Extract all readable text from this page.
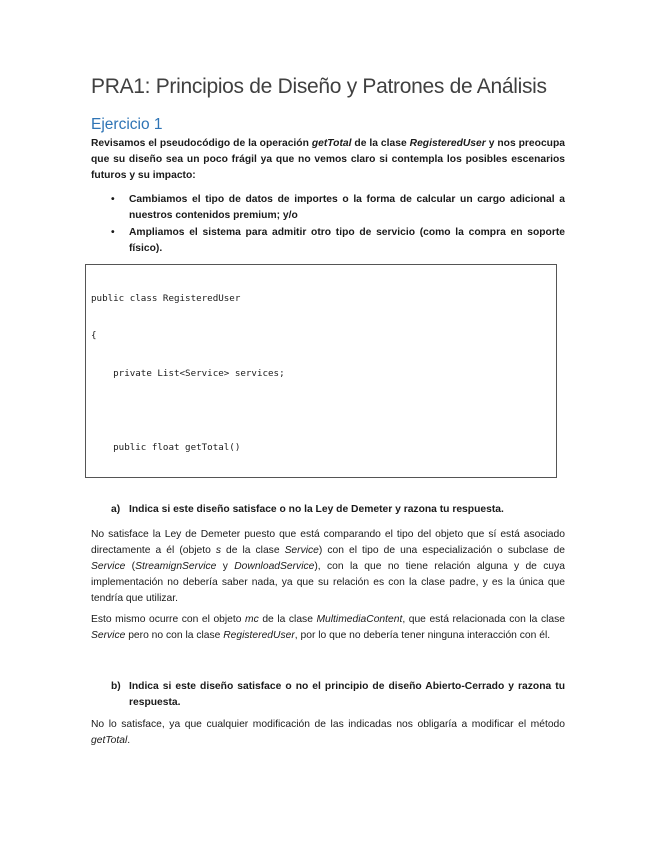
PRA1: Principios de Diseño y Patrones de Análisis
Ejercicio 1
Revisamos el pseudocódigo de la operación getTotal de la clase RegisteredUser y nos preocupa que su diseño sea un poco frágil ya que no vemos claro si contempla los posibles escenarios futuros y su impacto:
• Cambiamos el tipo de datos de importes o la forma de calcular un cargo adicional a nuestros contenidos premium; y/o
• Ampliamos el sistema para admitir otro tipo de servicio (como la compra en soporte físico).

public class RegisteredUser

{

private List<Service> services;

public float getTotal()

a) Indica si este diseño satisface o no la Ley de Demeter y razona tu respuesta.
No satisface la Ley de Demeter puesto que está comparando el tipo del objeto que sí está asociado directamente a él (objeto s de la clase Service) con el tipo de una especialización o subclase de Service (StreamignService y DownloadService), con la que no tiene relación alguna y de cuya implementación no debería saber nada, ya que su relación es con la clase padre, y es la única que tendría que utilizar.
Esto mismo ocurre con el objeto mc de la clase MultimediaContent, que está relacionada con la clase Service pero no con la clase RegisteredUser, por lo que no debería tener ninguna interacción con él.
b) Indica si este diseño satisface o no el principio de diseño Abierto-Cerrado y razona tu respuesta.
No lo satisface, ya que cualquier modificación de las indicadas nos obligaría a modificar el método getTotal.
